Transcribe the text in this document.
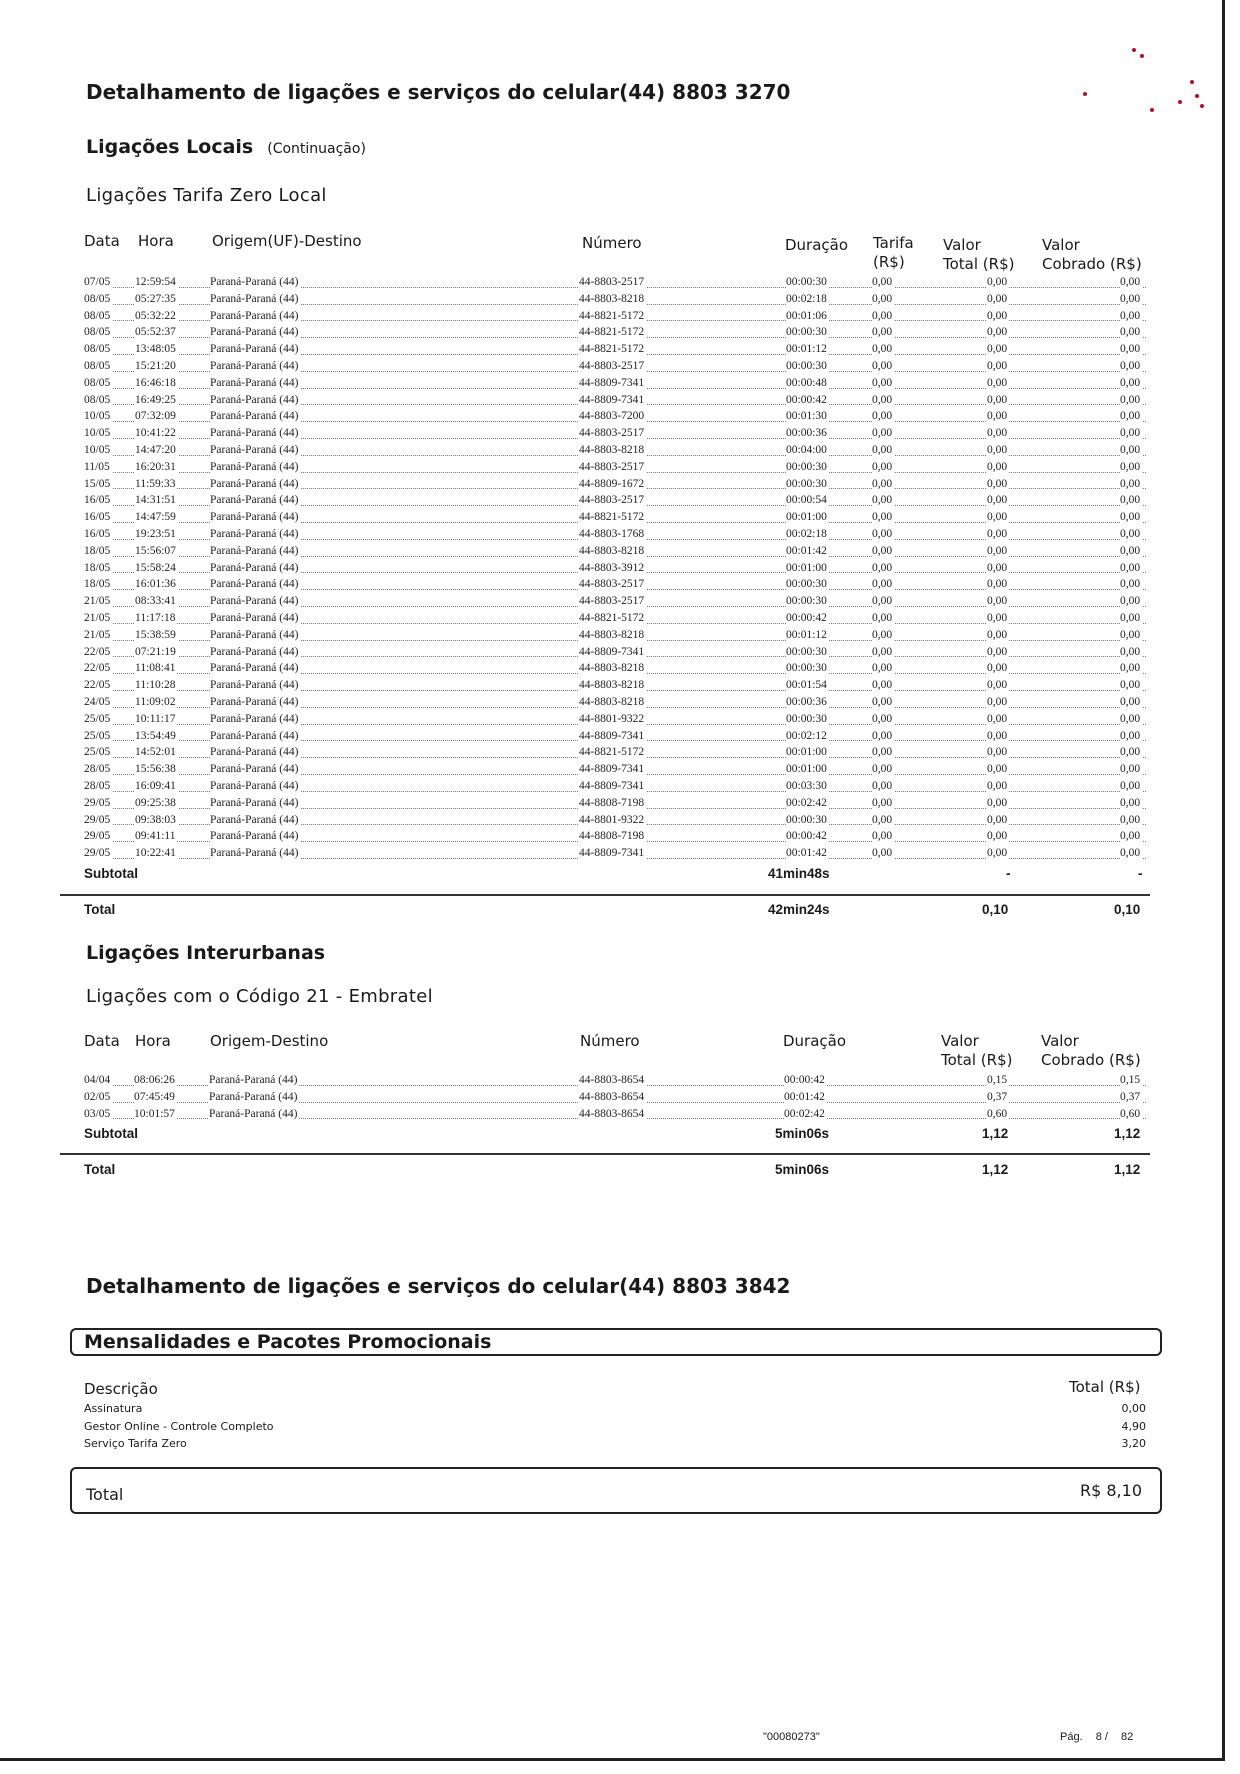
Detalhamento de ligações e serviços do celular(44) 8803 3270
Ligações Locais (Continuação)
Ligações Tarifa Zero Local
Data Hora	Origem(UF)-Destino	Número	Duração Tarifa
(R$)
Valor
Total (R$)
Valor
Cobrado (R$)
07/05 12:59:54	Paraná-Paraná (44)	44-8803-2517	00:00:30	0,00	0,00	0,00
08/05 05:27:35	Paraná-Paraná (44)	44-8803-8218	00:02:18	0,00	0,00	0,00
08/05 05:32:22	Paraná-Paraná (44)	44-8821-5172	00:01:06	0,00	0,00	0,00
08/05 05:52:37	Paraná-Paraná (44)	44-8821-5172	00:00:30	0,00	0,00	0,00
08/05 13:48:05	Paraná-Paraná (44)	44-8821-5172	00:01:12	0,00	0,00	0,00
08/05 15:21:20	Paraná-Paraná (44)	44-8803-2517	00:00:30	0,00	0,00	0,00
08/05 16:46:18	Paraná-Paraná (44)	44-8809-7341	00:00:48	0,00	0,00	0,00
08/05 16:49:25	Paraná-Paraná (44)	44-8809-7341	00:00:42	0,00	0,00	0,00
10/05 07:32:09	Paraná-Paraná (44)	44-8803-7200	00:01:30	0,00	0,00	0,00
10/05 10:41:22	Paraná-Paraná (44)	44-8803-2517	00:00:36	0,00	0,00	0,00
10/05 14:47:20	Paraná-Paraná (44)	44-8803-8218	00:04:00	0,00	0,00	0,00
11/05 16:20:31	Paraná-Paraná (44)	44-8803-2517	00:00:30	0,00	0,00	0,00
15/05 11:59:33	Paraná-Paraná (44)	44-8809-1672	00:00:30	0,00	0,00	0,00
16/05 14:31:51	Paraná-Paraná (44)	44-8803-2517	00:00:54	0,00	0,00	0,00
16/05 14:47:59	Paraná-Paraná (44)	44-8821-5172	00:01:00	0,00	0,00	0,00
16/05 19:23:51	Paraná-Paraná (44)	44-8803-1768	00:02:18	0,00	0,00	0,00
18/05 15:56:07	Paraná-Paraná (44)	44-8803-8218	00:01:42	0,00	0,00	0,00
18/05 15:58:24	Paraná-Paraná (44)	44-8803-3912	00:01:00	0,00	0,00	0,00
18/05 16:01:36	Paraná-Paraná (44)	44-8803-2517	00:00:30	0,00	0,00	0,00
21/05 08:33:41	Paraná-Paraná (44)	44-8803-2517	00:00:30	0,00	0,00	0,00
21/05 11:17:18	Paraná-Paraná (44)	44-8821-5172	00:00:42	0,00	0,00	0,00
21/05 15:38:59	Paraná-Paraná (44)	44-8803-8218	00:01:12	0,00	0,00	0,00
22/05 07:21:19	Paraná-Paraná (44)	44-8809-7341	00:00:30	0,00	0,00	0,00
22/05 11:08:41	Paraná-Paraná (44)	44-8803-8218	00:00:30	0,00	0,00	0,00
22/05 11:10:28	Paraná-Paraná (44)	44-8803-8218	00:01:54	0,00	0,00	0,00
24/05 11:09:02	Paraná-Paraná (44)	44-8803-8218	00:00:36	0,00	0,00	0,00
25/05 10:11:17	Paraná-Paraná (44)	44-8801-9322	00:00:30	0,00	0,00	0,00
25/05 13:54:49	Paraná-Paraná (44)	44-8809-7341	00:02:12	0,00	0,00	0,00
25/05 14:52:01	Paraná-Paraná (44)	44-8821-5172	00:01:00	0,00	0,00	0,00
28/05 15:56:38	Paraná-Paraná (44)	44-8809-7341	00:01:00	0,00	0,00	0,00
28/05 16:09:41	Paraná-Paraná (44)	44-8809-7341	00:03:30	0,00	0,00	0,00
29/05 09:25:38	Paraná-Paraná (44)	44-8808-7198	00:02:42	0,00	0,00	0,00
29/05 09:38:03	Paraná-Paraná (44)	44-8801-9322	00:00:30	0,00	0,00	0,00
29/05 09:41:11	Paraná-Paraná (44)	44-8808-7198	00:00:42	0,00	0,00	0,00
29/05 10:22:41	Paraná-Paraná (44)	44-8809-7341	00:01:42	0,00	0,00	0,00
Subtotal	41min48s	-	-
Total	42min24s	0,10	0,10
Ligações Interurbanas
Ligações com o Código 21 - Embratel
Data Hora	Origem-Destino	Número	Duração	Valor
Total (R$)
Valor
Cobrado (R$)
04/04 08:06:26	Paraná-Paraná (44)	44-8803-8654	00:00:42	0,15	0,15
02/05 07:45:49	Paraná-Paraná (44)	44-8803-8654	00:01:42	0,37	0,37
03/05 10:01:57	Paraná-Paraná (44)	44-8803-8654	00:02:42	0,60	0,60
Subtotal	5min06s	1,12	1,12
Total	5min06s	1,12	1,12
Detalhamento de ligações e serviços do celular(44) 8803 3842
Mensalidades e Pacotes Promocionais
Descrição	Total (R$)
Assinatura	0,00
Gestor Online - Controle Completo	4,90
Serviço Tarifa Zero	3,20
Total	R$ 8,10
"00080273"	Pág. 8 / 82
